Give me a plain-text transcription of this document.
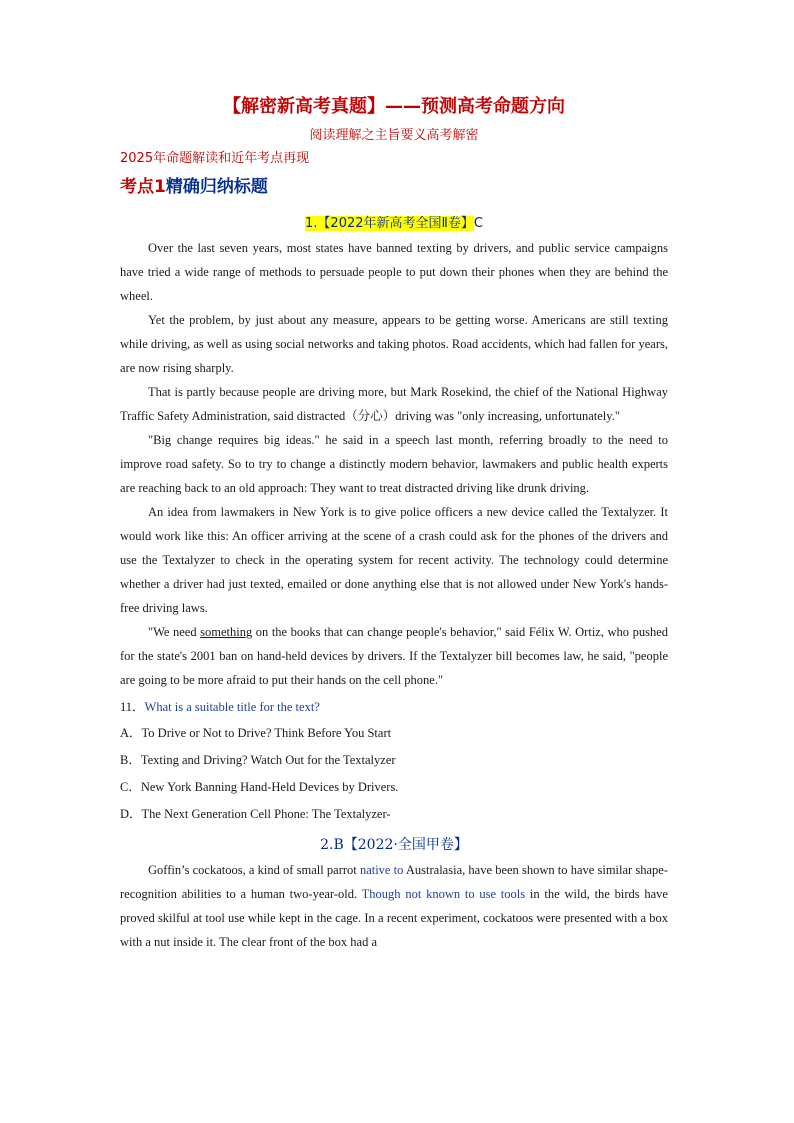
【解密新高考真题】——预测高考命题方向
阅读理解之主旨要义高考解密
2025年命题解读和近年考点再现
考点1精确归纳标题
1.【2022年新高考全国Ⅱ卷】C

Over the last seven years, most states have banned texting by drivers, and public service campaigns have tried a wide range of methods to persuade people to put down their phones when they are behind the wheel.

Yet the problem, by just about any measure, appears to be getting worse. Americans are still texting while driving, as well as using social networks and taking photos. Road accidents, which had fallen for years, are now rising sharply.

That is partly because people are driving more, but Mark Rosekind, the chief of the National Highway Traffic Safety Administration, said distracted（分心）driving was "only increasing, unfortunately."

"Big change requires big ideas." he said in a speech last month, referring broadly to the need to improve road safety. So to try to change a distinctly modern behavior, lawmakers and public health experts are reaching back to an old approach: They want to treat distracted driving like drunk driving.

An idea from lawmakers in New York is to give police officers a new device called the Textalyzer. It would work like this: An officer arriving at the scene of a crash could ask for the phones of the drivers and use the Textalyzer to check in the operating system for recent activity. The technology could determine whether a driver had just texted, emailed or done anything else that is not allowed under New York's hands-free driving laws.

"We need something on the books that can change people's behavior," said Félix W. Ortiz, who pushed for the state's 2001 ban on hand-held devices by drivers. If the Textalyzer bill becomes law, he said, "people are going to be more afraid to put their hands on the cell phone."

11．What is a suitable title for the text?
A．To Drive or Not to Drive? Think Before You Start
B．Texting and Driving? Watch Out for the Textalyzer
C．New York Banning Hand-Held Devices by Drivers.
D．The Next Generation Cell Phone: The Textalyzer-
2.B【2022·全国甲卷】

Goffin’s cockatoos, a kind of small parrot native to Australasia, have been shown to have similar shape-recognition abilities to a human two-year-old. Though not known to use tools in the wild, the birds have proved skilful at tool use while kept in the cage. In a recent experiment, cockatoos were presented with a box with a nut inside it. The clear front of the box had a
